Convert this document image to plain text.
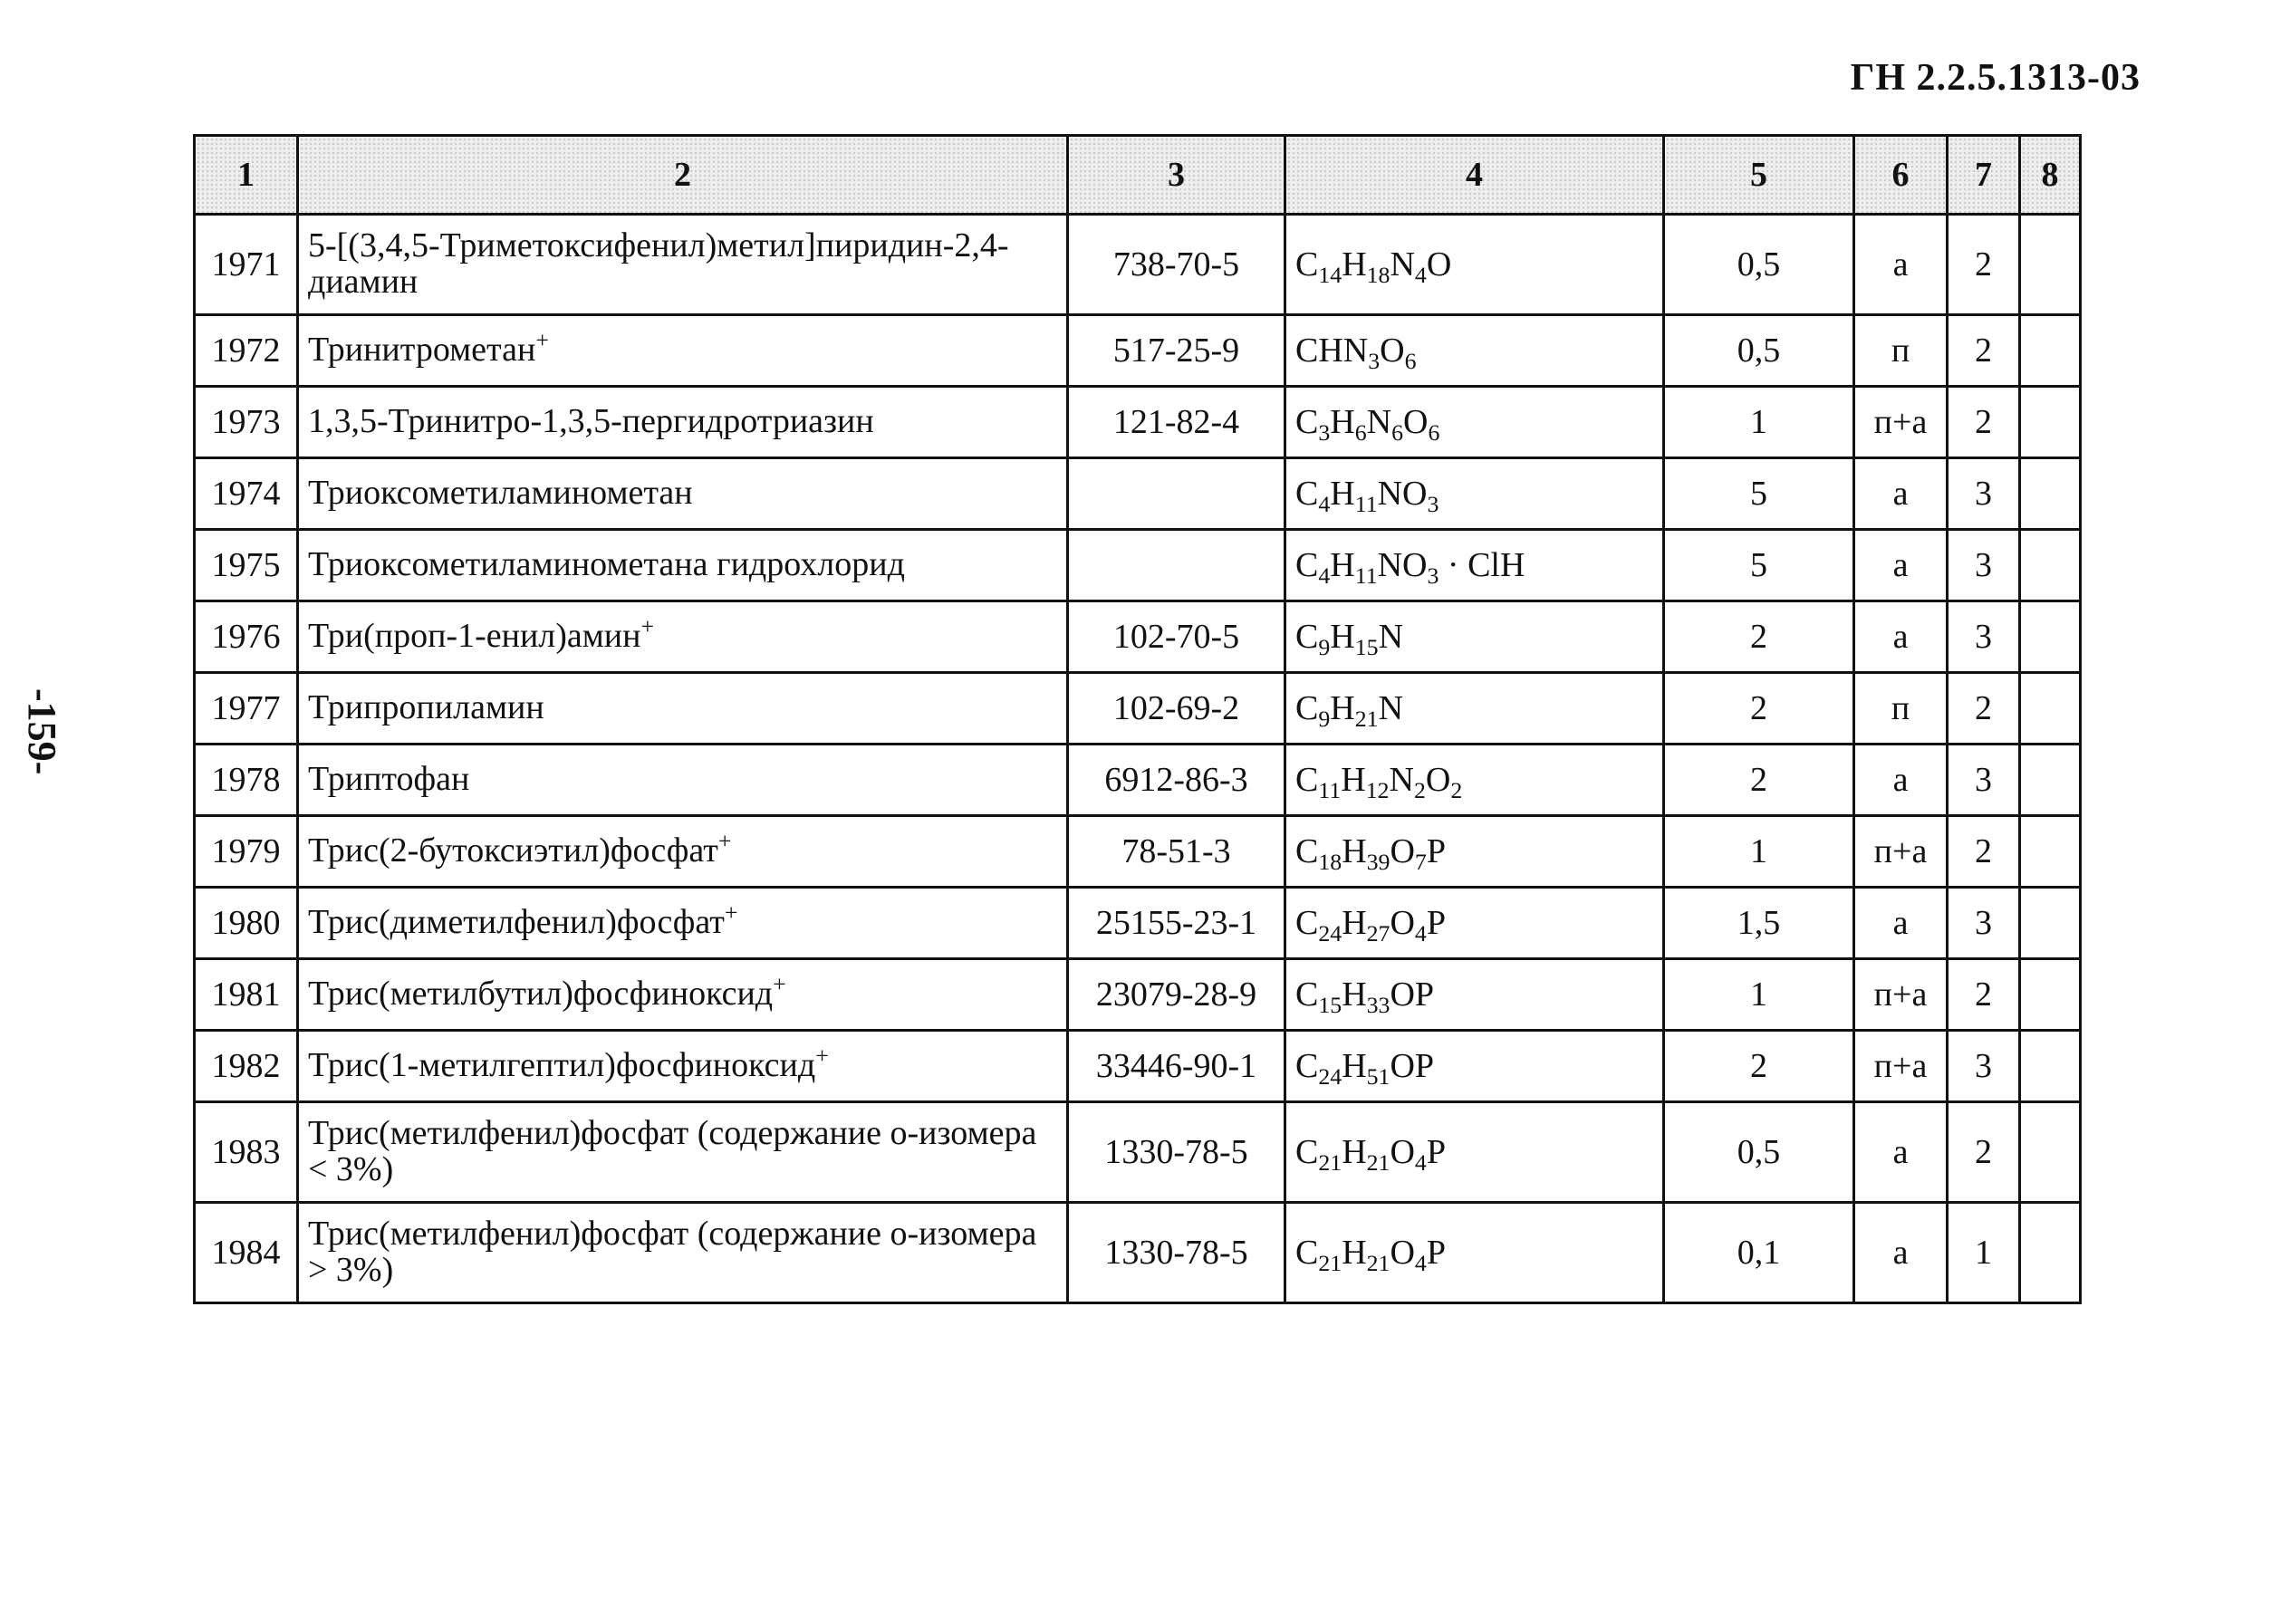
ГН 2.2.5.1313-03
-159-
1	2	3	4	5	6	7	8
1971	5-[(3,4,5-Триметоксифенил)метил]пиридин-2,4-диамин	738-70-5	$C_{14}H_{18}N_4O$	0,5	а	2	
1972	Тринитрометан+	517-25-9	$CHN_3O_6$	0,5	п	2	
1973	1,3,5-Тринитро-1,3,5-пергидротриазин	121-82-4	$C_3H_6N_6O_6$	1	п+а	2	
1974	Триоксометиламинометан		$C_4H_{11}NO_3$	5	а	3	
1975	Триоксометиламинометана гидрохлорид		$C_4H_{11}NO_3$ · ClH	5	а	3	
1976	Три(проп-1-енил)амин+	102-70-5	$C_9H_{15}N$	2	а	3	
1977	Трипропиламин	102-69-2	$C_9H_{21}N$	2	п	2	
1978	Триптофан	6912-86-3	$C_{11}H_{12}N_2O_2$	2	а	3	
1979	Трис(2-бутоксиэтил)фосфат+	78-51-3	$C_{18}H_{39}O_7P$	1	п+а	2	
1980	Трис(диметилфенил)фосфат+	25155-23-1	$C_{24}H_{27}O_4P$	1,5	а	3	
1981	Трис(метилбутил)фосфиноксид+	23079-28-9	$C_{15}H_{33}OP$	1	п+а	2	
1982	Трис(1-метилгептил)фосфиноксид+	33446-90-1	$C_{24}H_{51}OP$	2	п+а	3	
1983	Трис(метилфенил)фосфат (содержание о-изомера < 3%)	1330-78-5	$C_{21}H_{21}O_4P$	0,5	а	2	
1984	Трис(метилфенил)фосфат (содержание о-изомера > 3%)	1330-78-5	$C_{21}H_{21}O_4P$	0,1	а	1	
